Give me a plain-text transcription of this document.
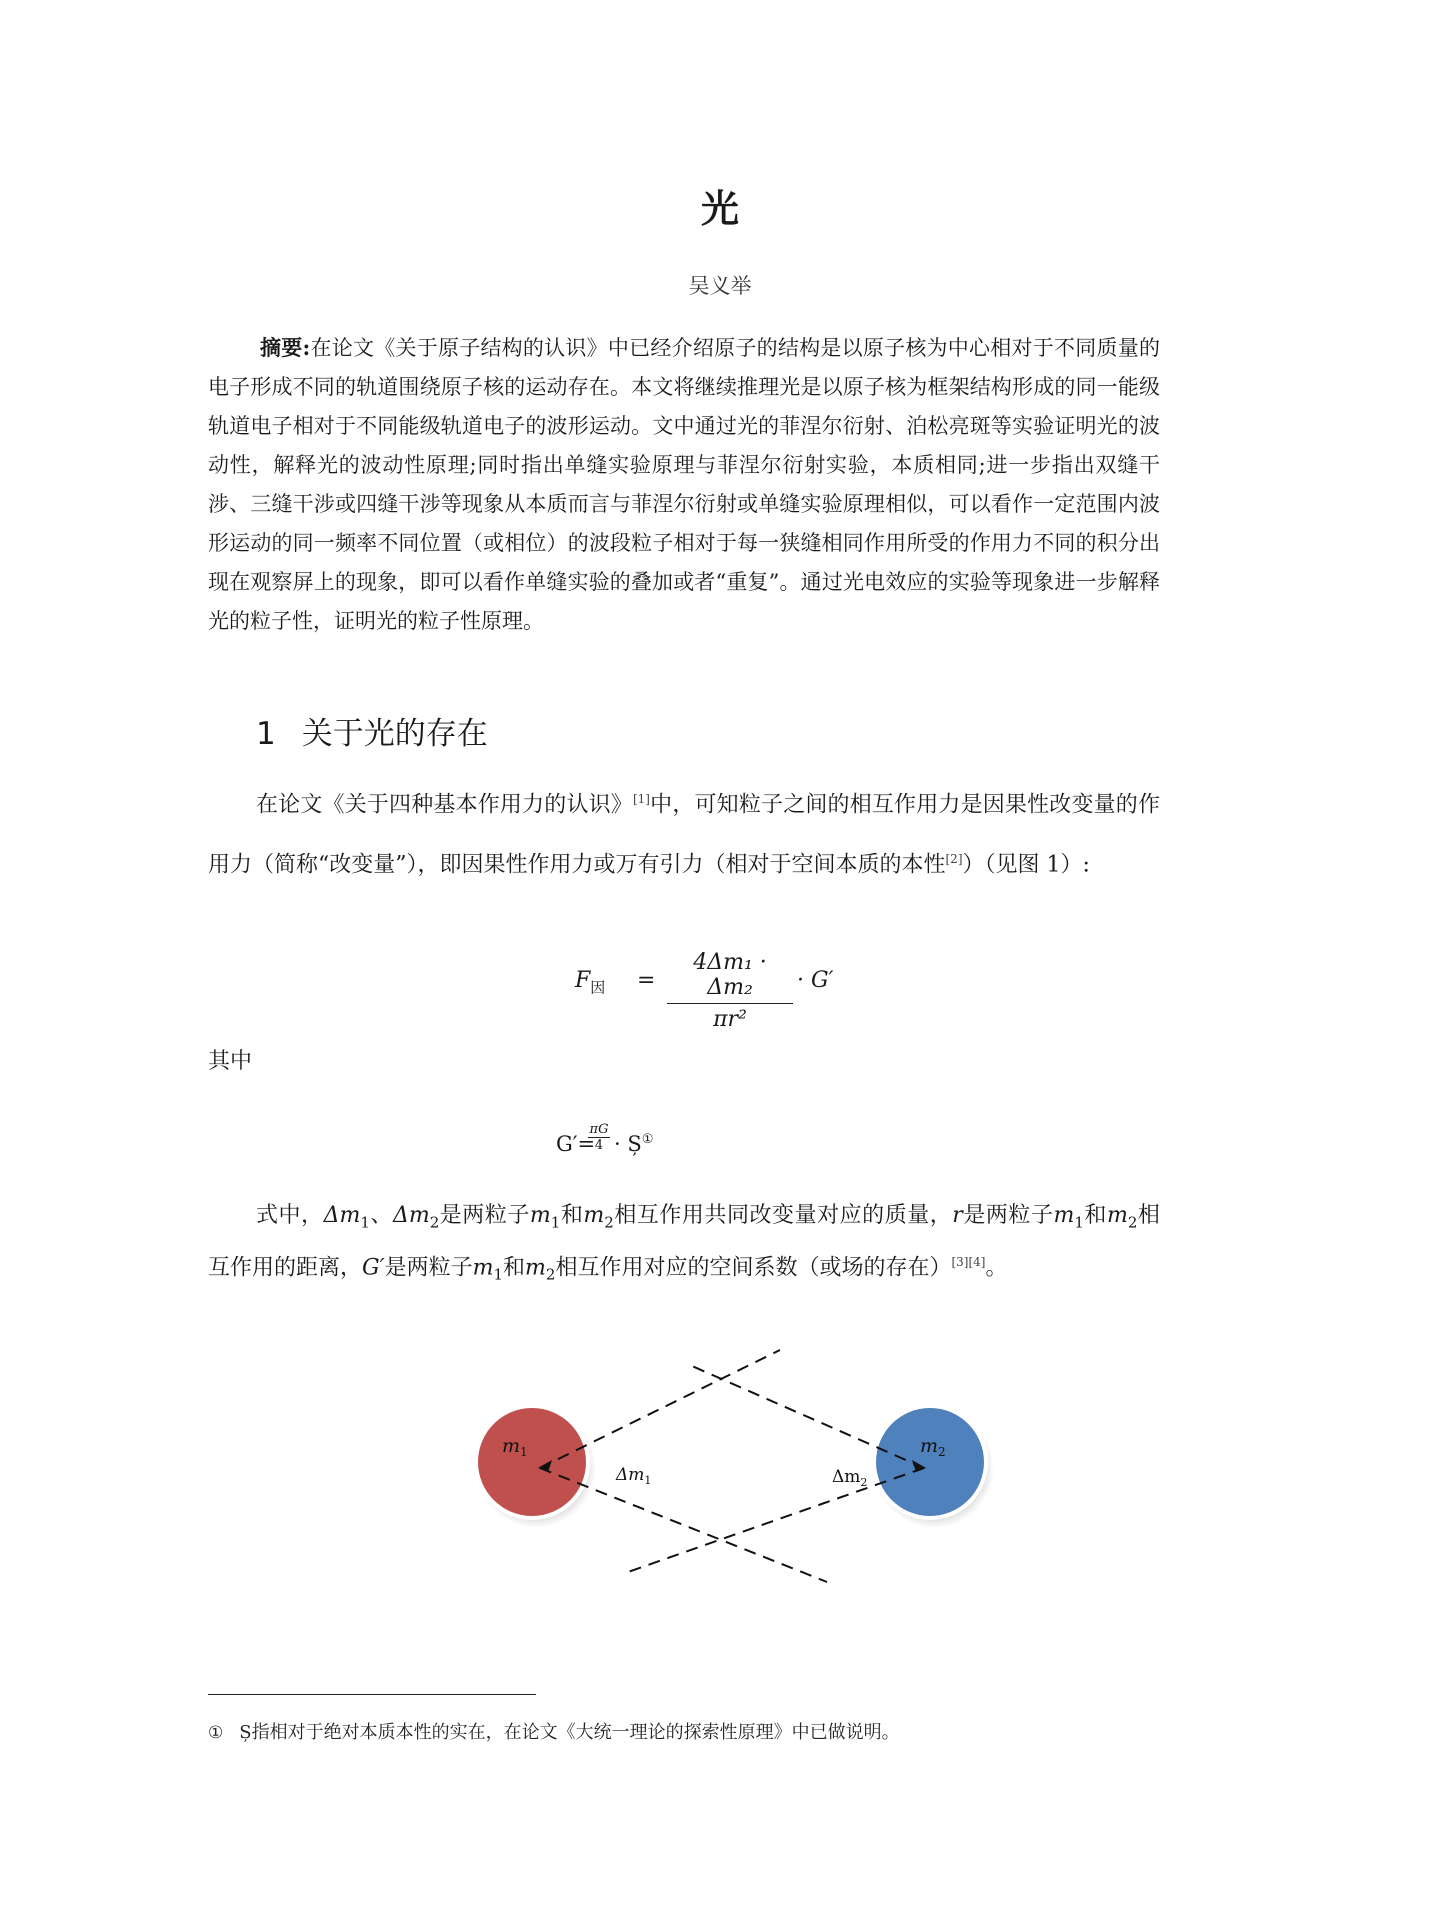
光
吴义举

摘要:在论文《关于原子结构的认识》中已经介绍原子的结构是以原子核为中心相对于不同质量的电子形成不同的轨道围绕原子核的运动存在。本文将继续推理光是以原子核为框架结构形成的同一能级轨道电子相对于不同能级轨道电子的波形运动。文中通过光的菲涅尔衍射、泊松亮斑等实验证明光的波动性，解释光的波动性原理;同时指出单缝实验原理与菲涅尔衍射实验，本质相同;进一步指出双缝干涉、三缝干涉或四缝干涉等现象从本质而言与菲涅尔衍射或单缝实验原理相似，可以看作一定范围内波形运动的同一频率不同位置（或相位）的波段粒子相对于每一狭缝相同作用所受的作用力不同的积分出现在观察屏上的现象，即可以看作单缝实验的叠加或者“重复”。通过光电效应的实验等现象进一步解释光的粒子性，证明光的粒子性原理。

1 关于光的存在

在论文《关于四种基本作用力的认识》[1]中，可知粒子之间的相互作用力是因果性改变量的作用力（简称“改变量”），即因果性作用力或万有引力（相对于空间本质的本性[2]）（见图 1）:

$F_因 = \frac{\text{4Δm₁ · Δm₂}}{\text{πr²}} \cdot G'$
其中
G′=
$\frac{\pi G}{4}$ · Ș①

式中，$\Delta m_1$、$\Delta m_2$是两粒子$m_1$和$m_2$相互作用共同改变量对应的质量，r是两粒子$m_1$和$m_2$相互作用的距离，G′是两粒子$m_1$和$m_2$相互作用对应的空间系数（或场的存在）[3][4]。

$m_1$	$m_2$
$\Delta m_1$	$\Delta m_2$
① Ș指相对于绝对本质本性的实在，在论文《大统一理论的探索性原理》中已做说明。
